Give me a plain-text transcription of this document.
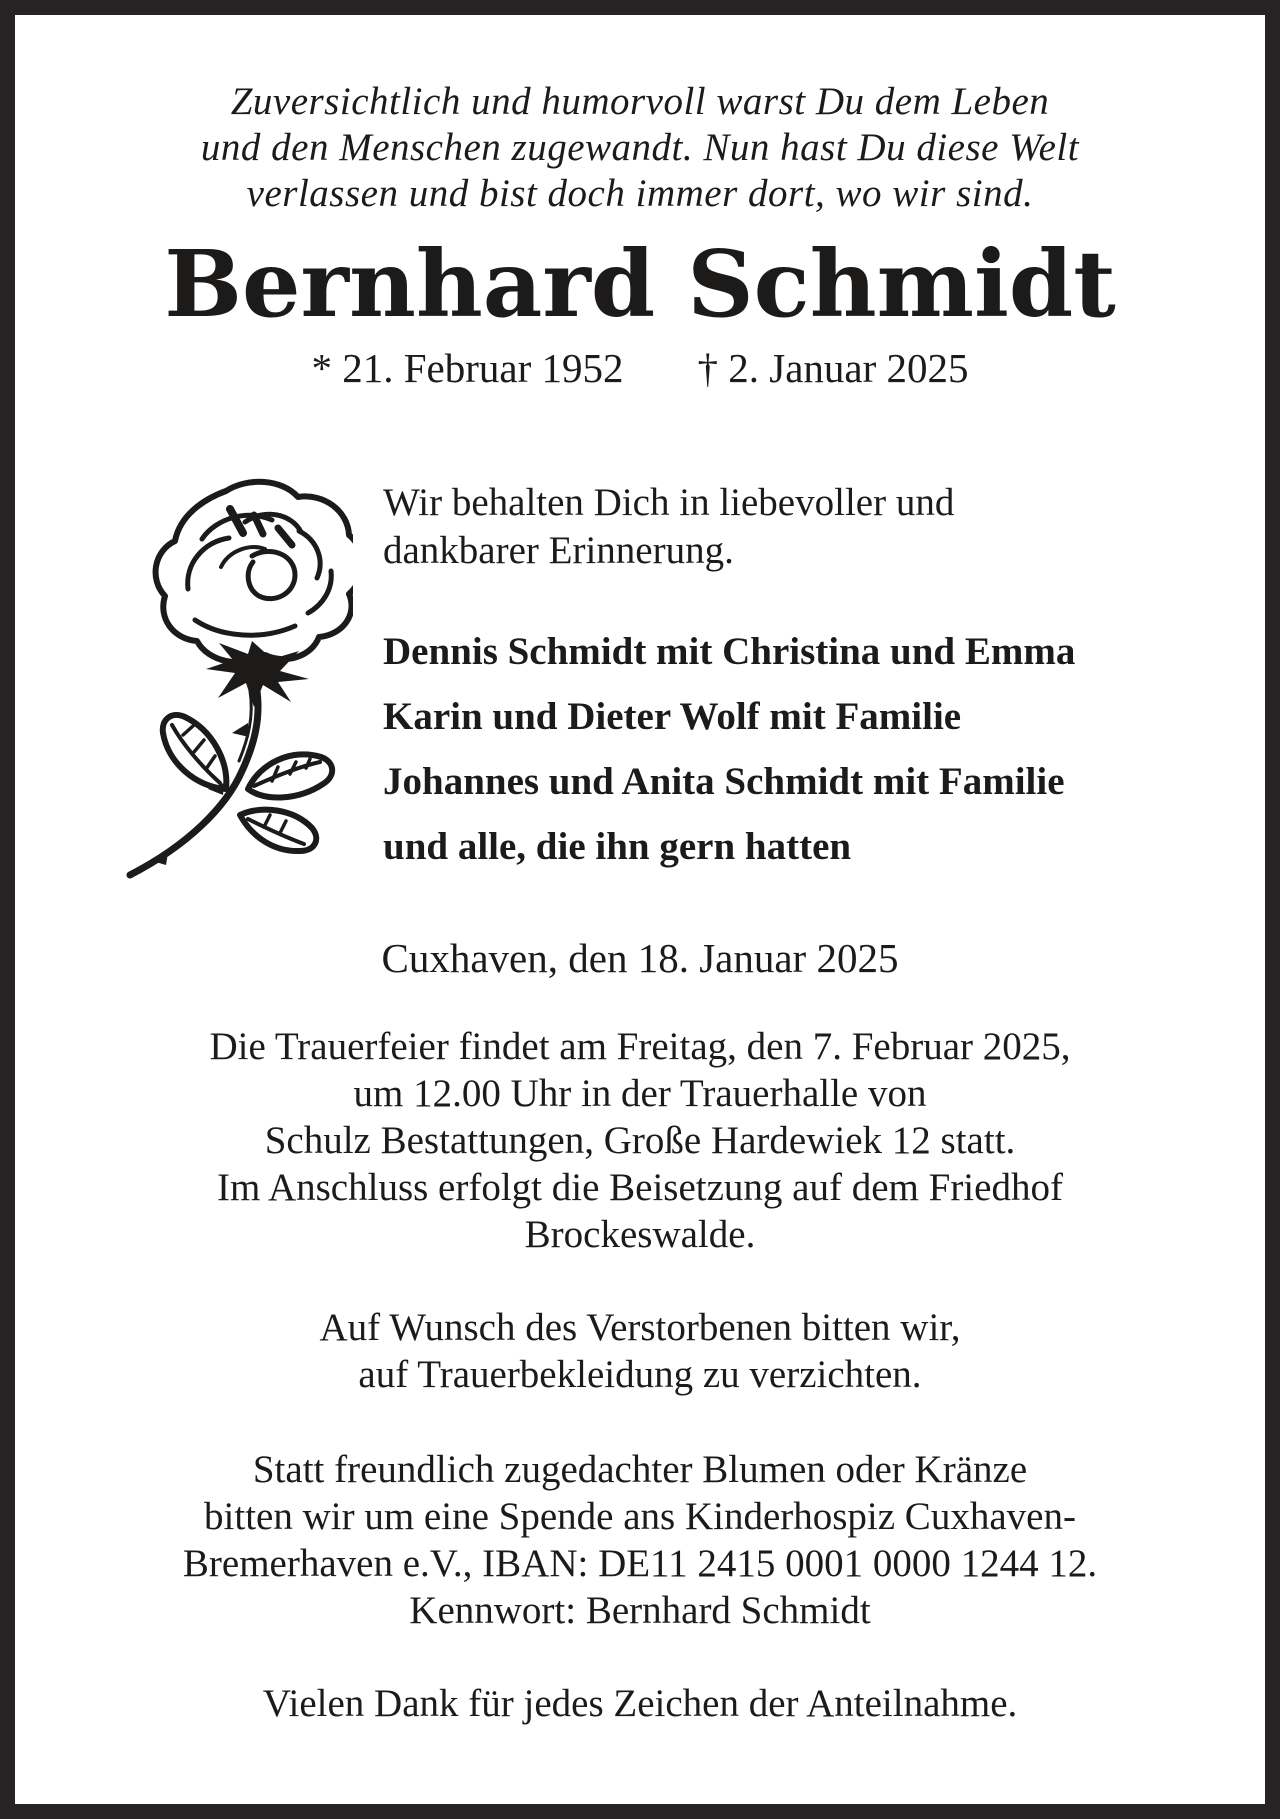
Zuversichtlich und humorvoll warst Du dem Leben
und den Menschen zugewandt. Nun hast Du diese Welt
verlassen und bist doch immer dort, wo wir sind.
Bernhard Schmidt
* 21. Februar 1952 † 2. Januar 2025
Wir behalten Dich in liebevoller und
dankbarer Erinnerung.
Dennis Schmidt mit Christina und Emma
Karin und Dieter Wolf mit Familie
Johannes und Anita Schmidt mit Familie
und alle, die ihn gern hatten
Cuxhaven, den 18. Januar 2025
Die Trauerfeier findet am Freitag, den 7. Februar 2025,
um 12.00 Uhr in der Trauerhalle von
Schulz Bestattungen, Große Hardewiek 12 statt.
Im Anschluss erfolgt die Beisetzung auf dem Friedhof
Brockeswalde.
Auf Wunsch des Verstorbenen bitten wir,
auf Trauerbekleidung zu verzichten.
Statt freundlich zugedachter Blumen oder Kränze
bitten wir um eine Spende ans Kinderhospiz Cuxhaven-
Bremerhaven e.V., IBAN: DE11 2415 0001 0000 1244 12.
Kennwort: Bernhard Schmidt
Vielen Dank für jedes Zeichen der Anteilnahme.
